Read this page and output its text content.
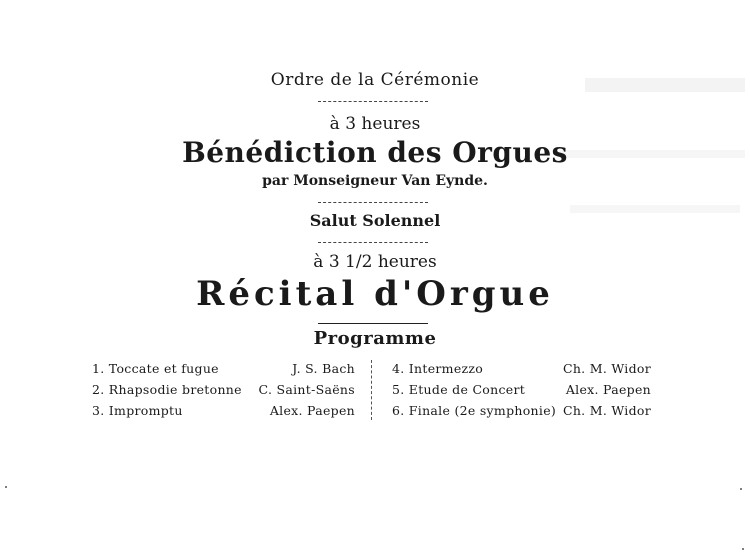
Ordre de la Cérémonie
à 3 heures
Bénédiction des Orgues
par Monseigneur Van Eynde.
Salut Solennel
à 3 1/2 heures
Récital d'Orgue
Programme
1. Toccate et fugue	J. S. Bach
2. Rhapsodie bretonne C. Saint-Saëns
3. Impromptu	Alex. Paepen
4. Intermezzo	Ch. M. Widor
5. Etude de Concert	Alex. Paepen
6. Finale (2e symphonie) Ch. M. Widor
